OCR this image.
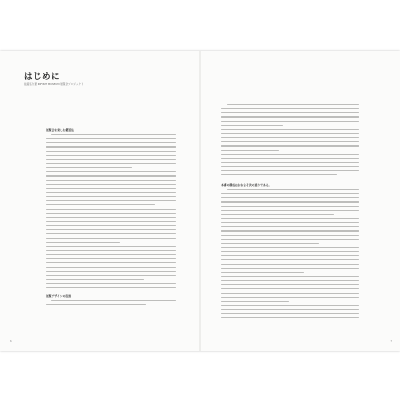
はじめに
佐藤弘久著 INFINIT MUSEUM 展覧会プロジェクト
展覧会を楽しむ鑑賞法
展覧デザインの役割
6
本書の構成はおおよそ次の通りである。
7
